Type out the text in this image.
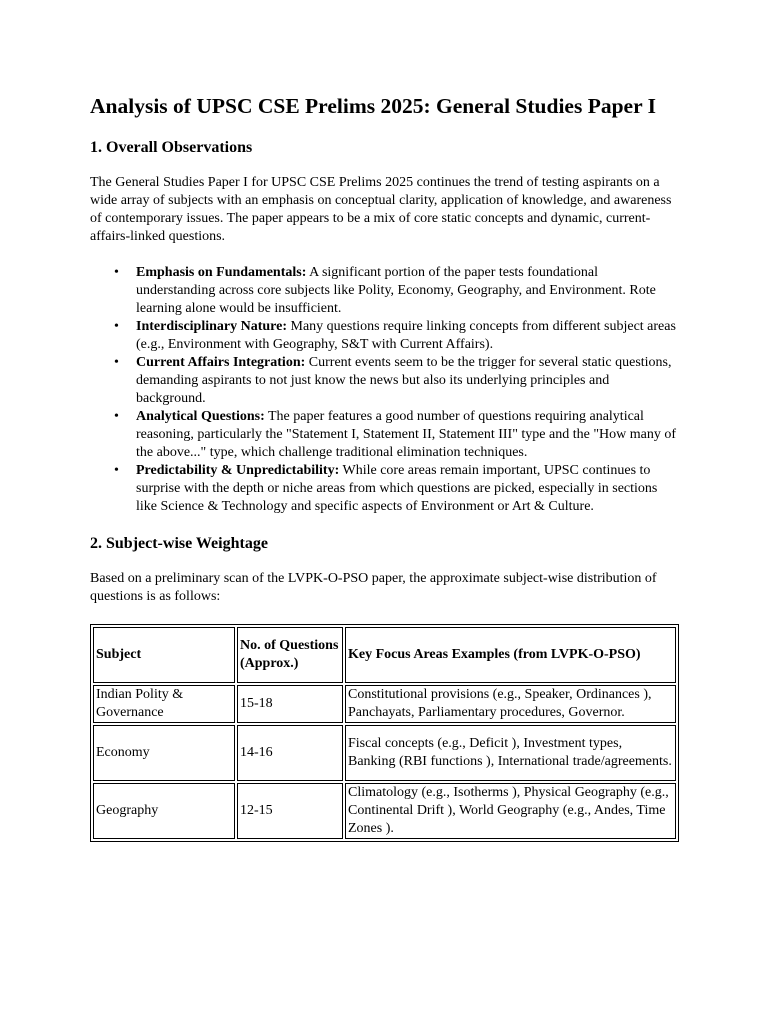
Analysis of UPSC CSE Prelims 2025: General Studies Paper I
1. Overall Observations

The General Studies Paper I for UPSC CSE Prelims 2025 continues the trend of testing aspirants on a wide array of subjects with an emphasis on conceptual clarity, application of knowledge, and awareness of contemporary issues. The paper appears to be a mix of core static concepts and dynamic, current-affairs-linked questions.

• Emphasis on Fundamentals: A significant portion of the paper tests foundational understanding across core subjects like Polity, Economy, Geography, and Environment. Rote learning alone would be insufficient.
• Interdisciplinary Nature: Many questions require linking concepts from different subject areas (e.g., Environment with Geography, S&T with Current Affairs).
• Current Affairs Integration: Current events seem to be the trigger for several static questions, demanding aspirants to not just know the news but also its underlying principles and background.
• Analytical Questions: The paper features a good number of questions requiring analytical reasoning, particularly the "Statement I, Statement II, Statement III" type and the "How many of the above..." type, which challenge traditional elimination techniques.
• Predictability & Unpredictability: While core areas remain important, UPSC continues to surprise with the depth or niche areas from which questions are picked, especially in sections like Science & Technology and specific aspects of Environment or Art & Culture.
2. Subject-wise Weightage

Based on a preliminary scan of the LVPK-O-PSO paper, the approximate subject-wise distribution of questions is as follows:

Subject	No. of Questions (Approx.)	Key Focus Areas Examples (from LVPK-O-PSO)
Indian Polity & Governance	15-18	Constitutional provisions (e.g., Speaker, Ordinances ), Panchayats, Parliamentary procedures, Governor.
Economy	14-16	Fiscal concepts (e.g., Deficit ), Investment types, Banking (RBI functions ), International trade/agreements.
Geography	12-15	Climatology (e.g., Isotherms ), Physical Geography (e.g., Continental Drift ), World Geography (e.g., Andes, Time Zones ).
